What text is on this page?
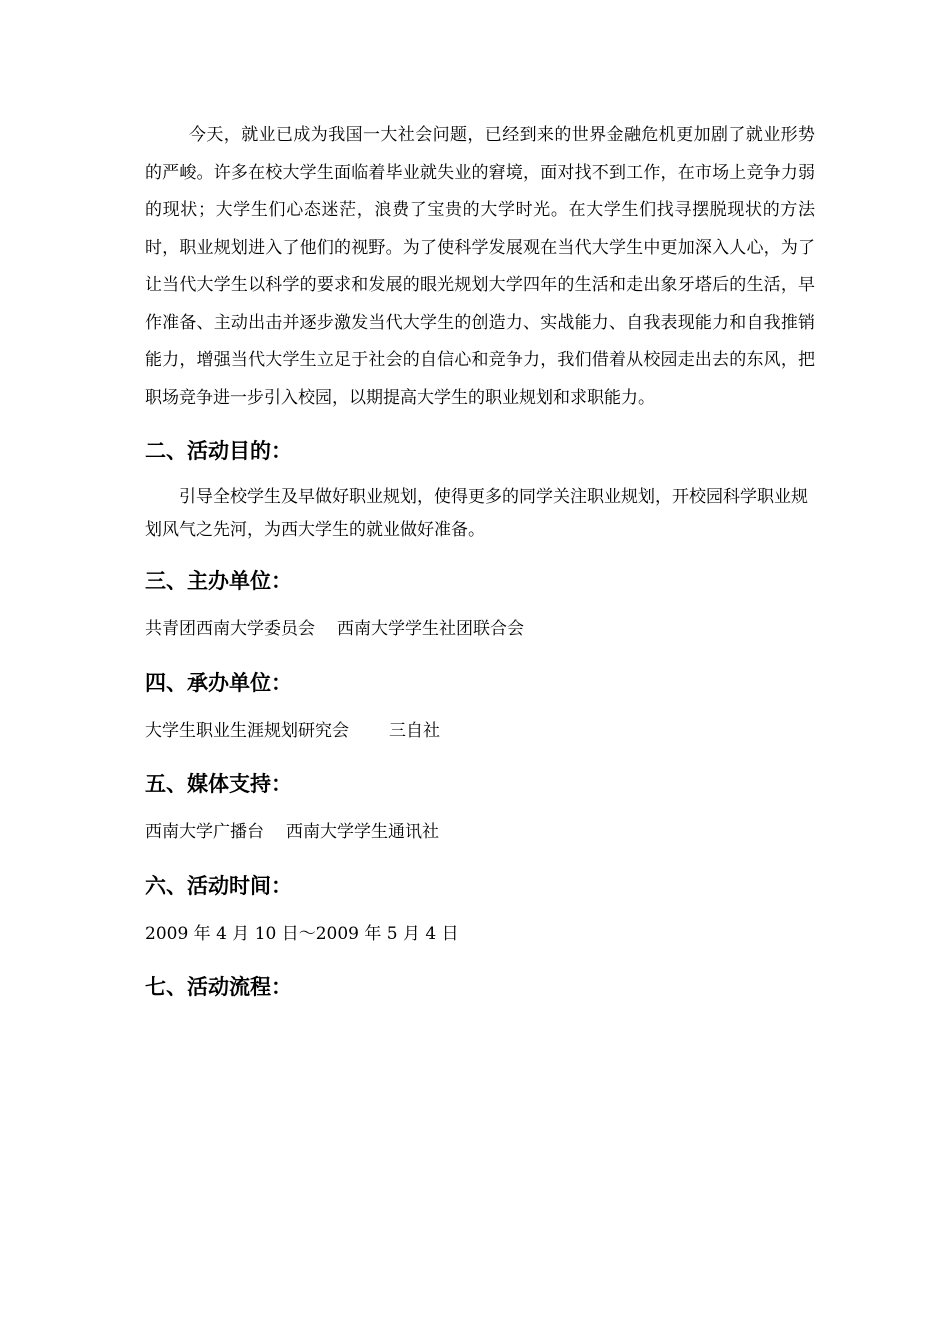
今天，就业已成为我国一大社会问题，已经到来的世界金融危机更加剧了就业形势的严峻。许多在校大学生面临着毕业就失业的窘境，面对找不到工作，在市场上竞争力弱的现状；大学生们心态迷茫，浪费了宝贵的大学时光。在大学生们找寻摆脱现状的方法时，职业规划进入了他们的视野。为了使科学发展观在当代大学生中更加深入人心，为了让当代大学生以科学的要求和发展的眼光规划大学四年的生活和走出象牙塔后的生活，早作准备、主动出击并逐步激发当代大学生的创造力、实战能力、自我表现能力和自我推销能力，增强当代大学生立足于社会的自信心和竞争力，我们借着从校园走出去的东风，把职场竞争进一步引入校园，以期提高大学生的职业规划和求职能力。

二、活动目的：

引导全校学生及早做好职业规划，使得更多的同学关注职业规划，开校园科学职业规划风气之先河，为西大学生的就业做好准备。

三、主办单位：

共青团西南大学委员会 西南大学学生社团联合会

四、承办单位：

大学生职业生涯规划研究会 三自社

五、媒体支持：

西南大学广播台 西南大学学生通讯社

六、活动时间：

2009 年 4 月 10 日～2009 年 5 月 4 日

七、活动流程：
